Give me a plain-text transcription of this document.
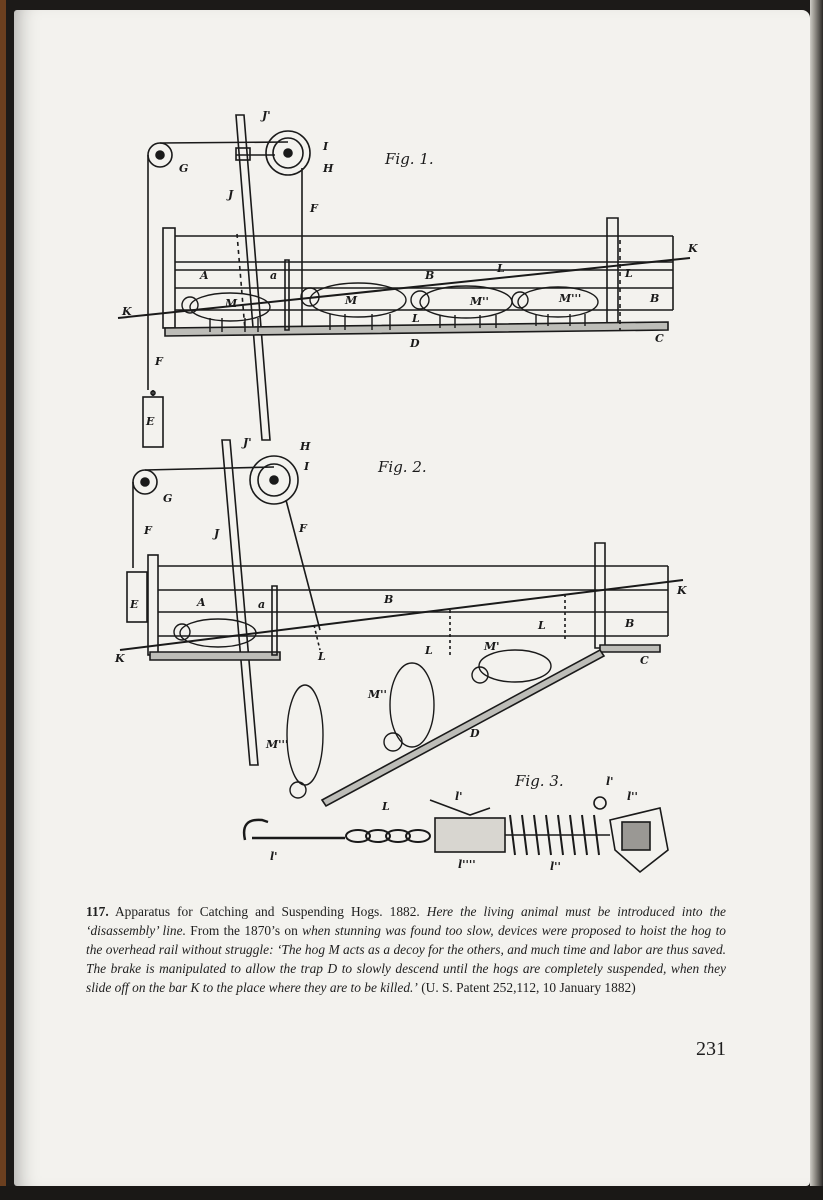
Fig. 1.
G
J'
I
H
J
F
A	a	B
L	L
B
K
K
L
D	C
F
E
M	M''	M'''
M
Fig. 2.
G
J'	H
I
J	F
F
E	A	a	B
L	B
K
K	L	L	M'
M''
M'''
C
D
Fig. 3.
l'
l'
l''
L
l'
l''''	l''
117. Apparatus for Catching and Suspending Hogs. 1882. Here the living animal must be introduced into the ‘disassembly’ line. From the 1870’s on when stunning was found too slow, devices were proposed to hoist the hog to the overhead rail without struggle: ‘The hog M acts as a decoy for the others, and much time and labor are thus saved. The brake is manipulated to allow the trap D to slowly descend until the hogs are completely suspended, when they slide off on the bar K to the place where they are to be killed.’ (U. S. Patent 252,112, 10 January 1882)
231
